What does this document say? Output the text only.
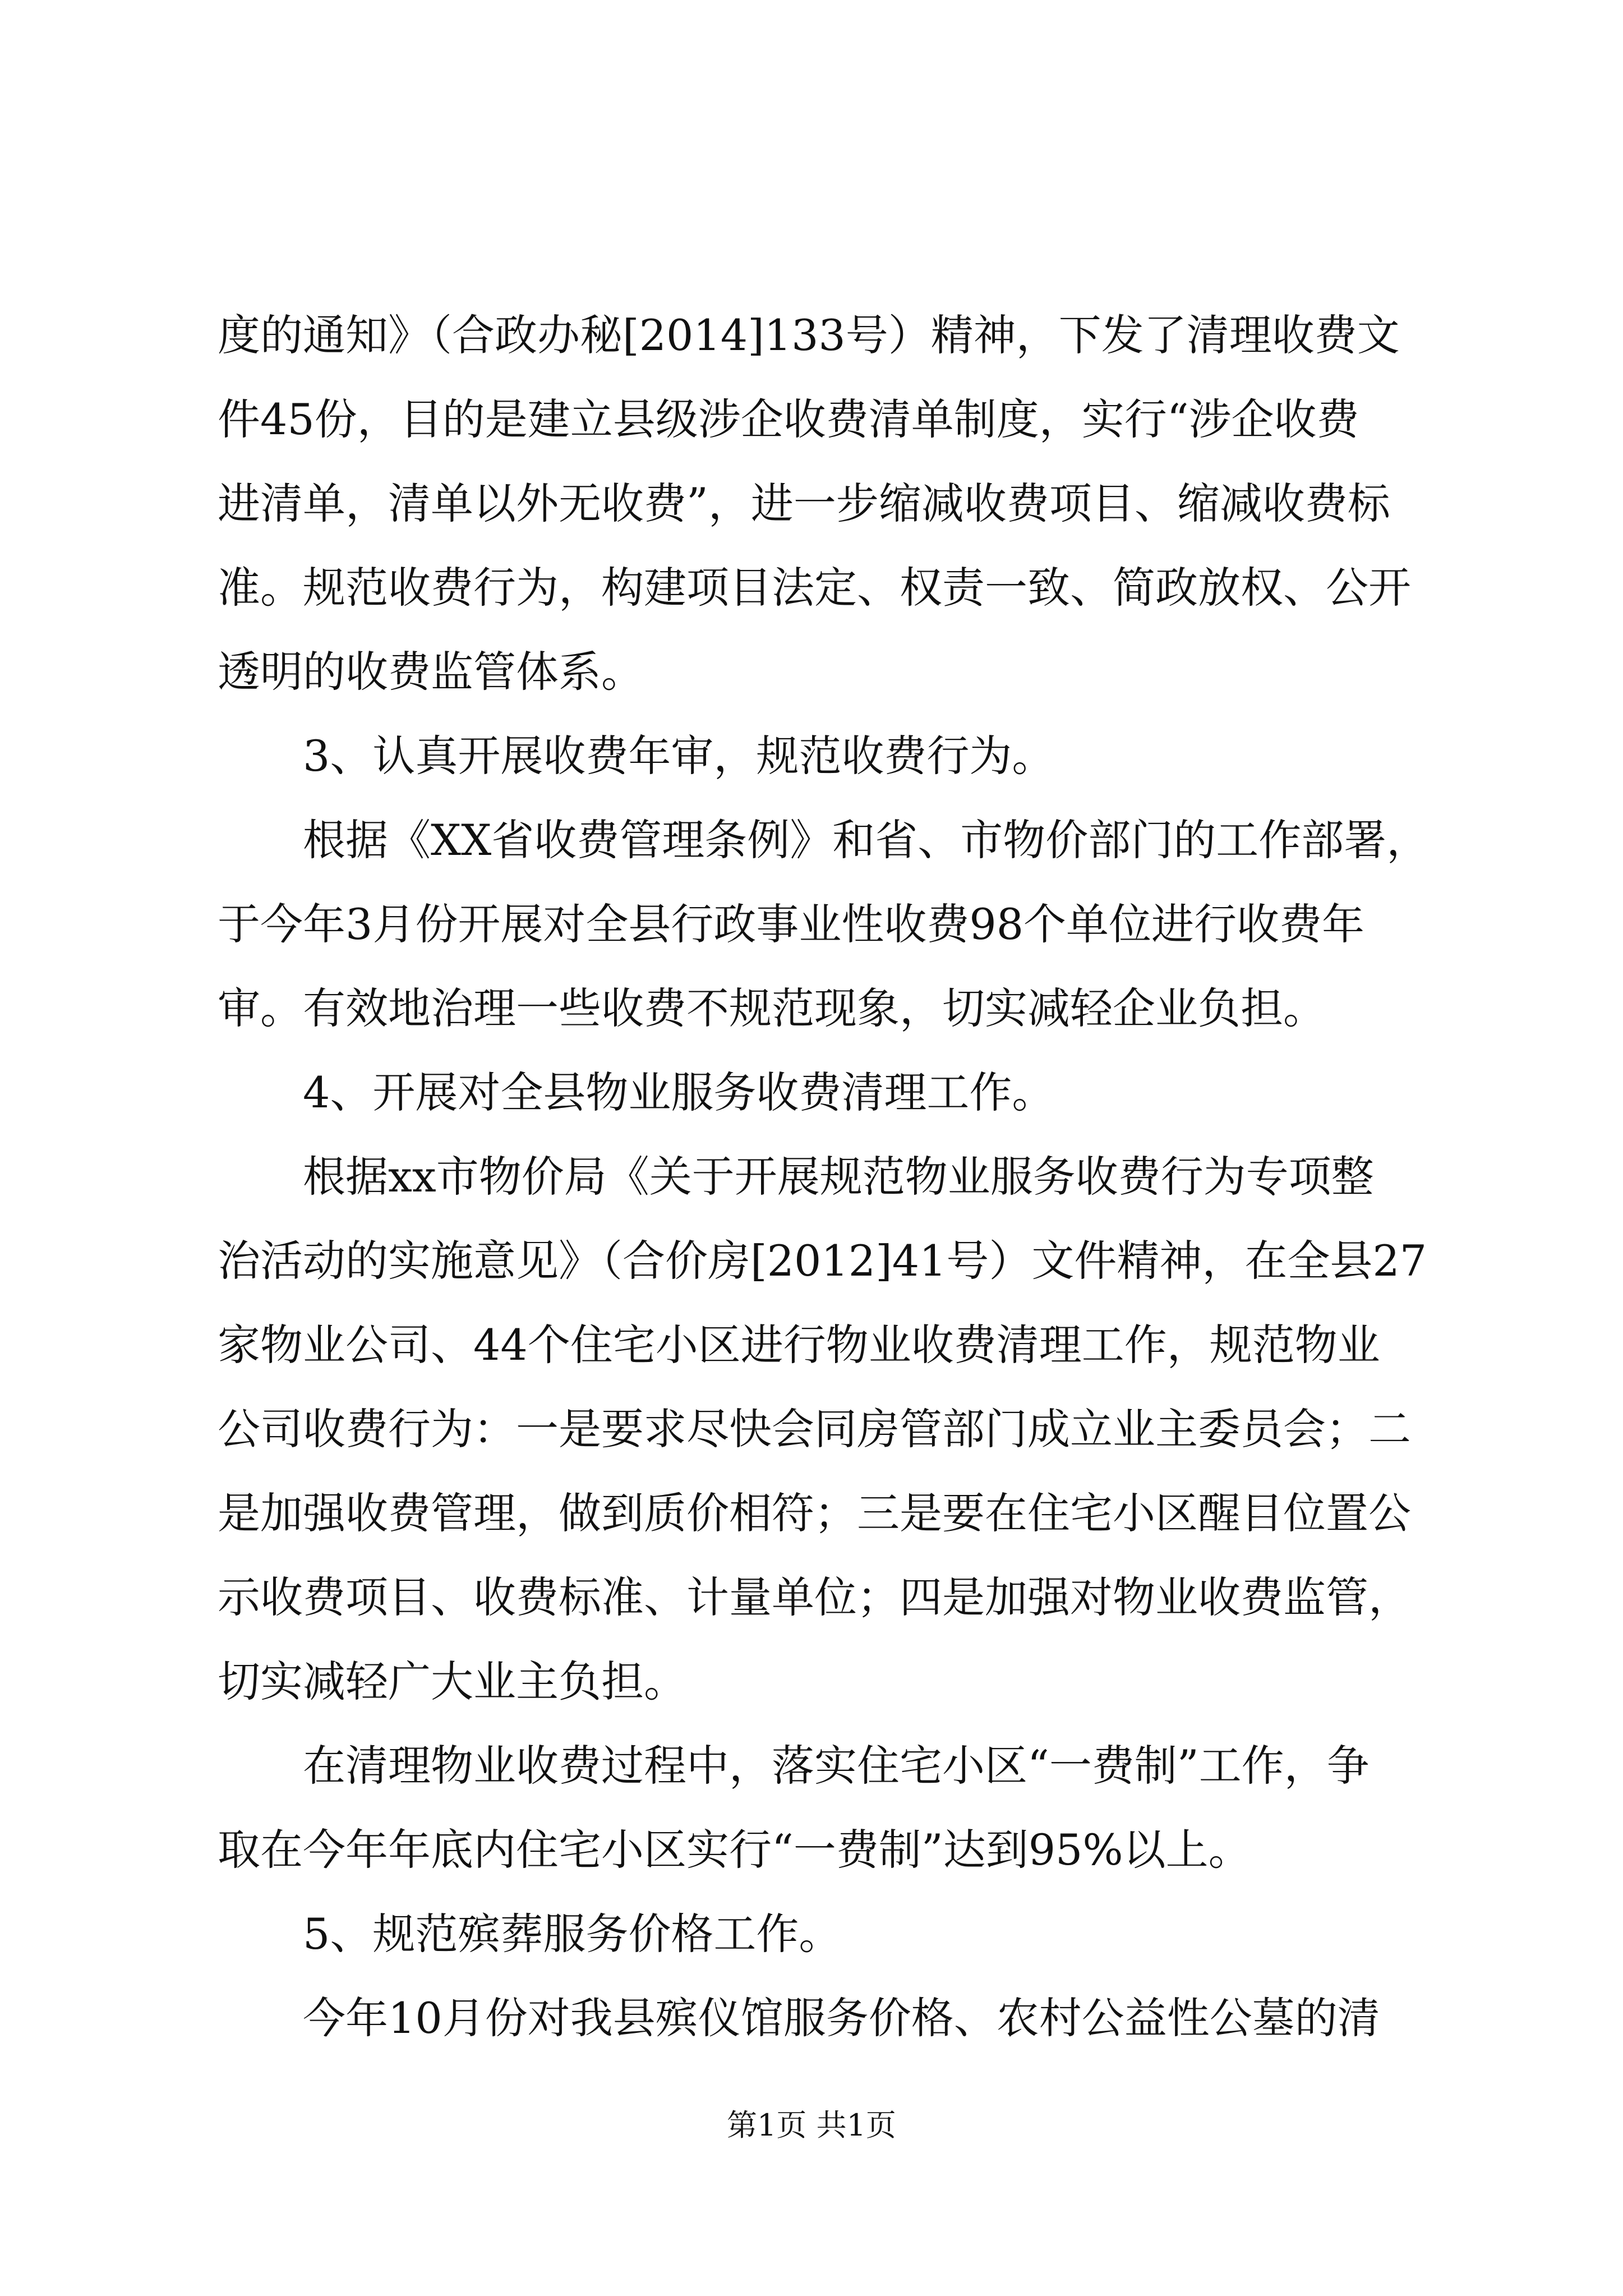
度的通知》（合政办秘[2014]133号）精神，下发了清理收费文
件45份，目的是建立县级涉企收费清单制度，实行“涉企收费
进清单，清单以外无收费”，进一步缩减收费项目、缩减收费标
准。规范收费行为，构建项目法定、权责一致、简政放权、公开
透明的收费监管体系。
3、认真开展收费年审，规范收费行为。
根据《XX省收费管理条例》和省、市物价部门的工作部署，
于今年3月份开展对全县行政事业性收费98个单位进行收费年
审。有效地治理一些收费不规范现象，切实减轻企业负担。
4、开展对全县物业服务收费清理工作。
根据xx市物价局《关于开展规范物业服务收费行为专项整
治活动的实施意见》（合价房[2012]41号）文件精神，在全县27
家物业公司、44个住宅小区进行物业收费清理工作，规范物业
公司收费行为：一是要求尽快会同房管部门成立业主委员会；二
是加强收费管理，做到质价相符；三是要在住宅小区醒目位置公
示收费项目、收费标准、计量单位；四是加强对物业收费监管，
切实减轻广大业主负担。
在清理物业收费过程中，落实住宅小区“一费制”工作，争
取在今年年底内住宅小区实行“一费制”达到95%以上。
5、规范殡葬服务价格工作。
今年10月份对我县殡仪馆服务价格、农村公益性公墓的清
第1页 共1页
